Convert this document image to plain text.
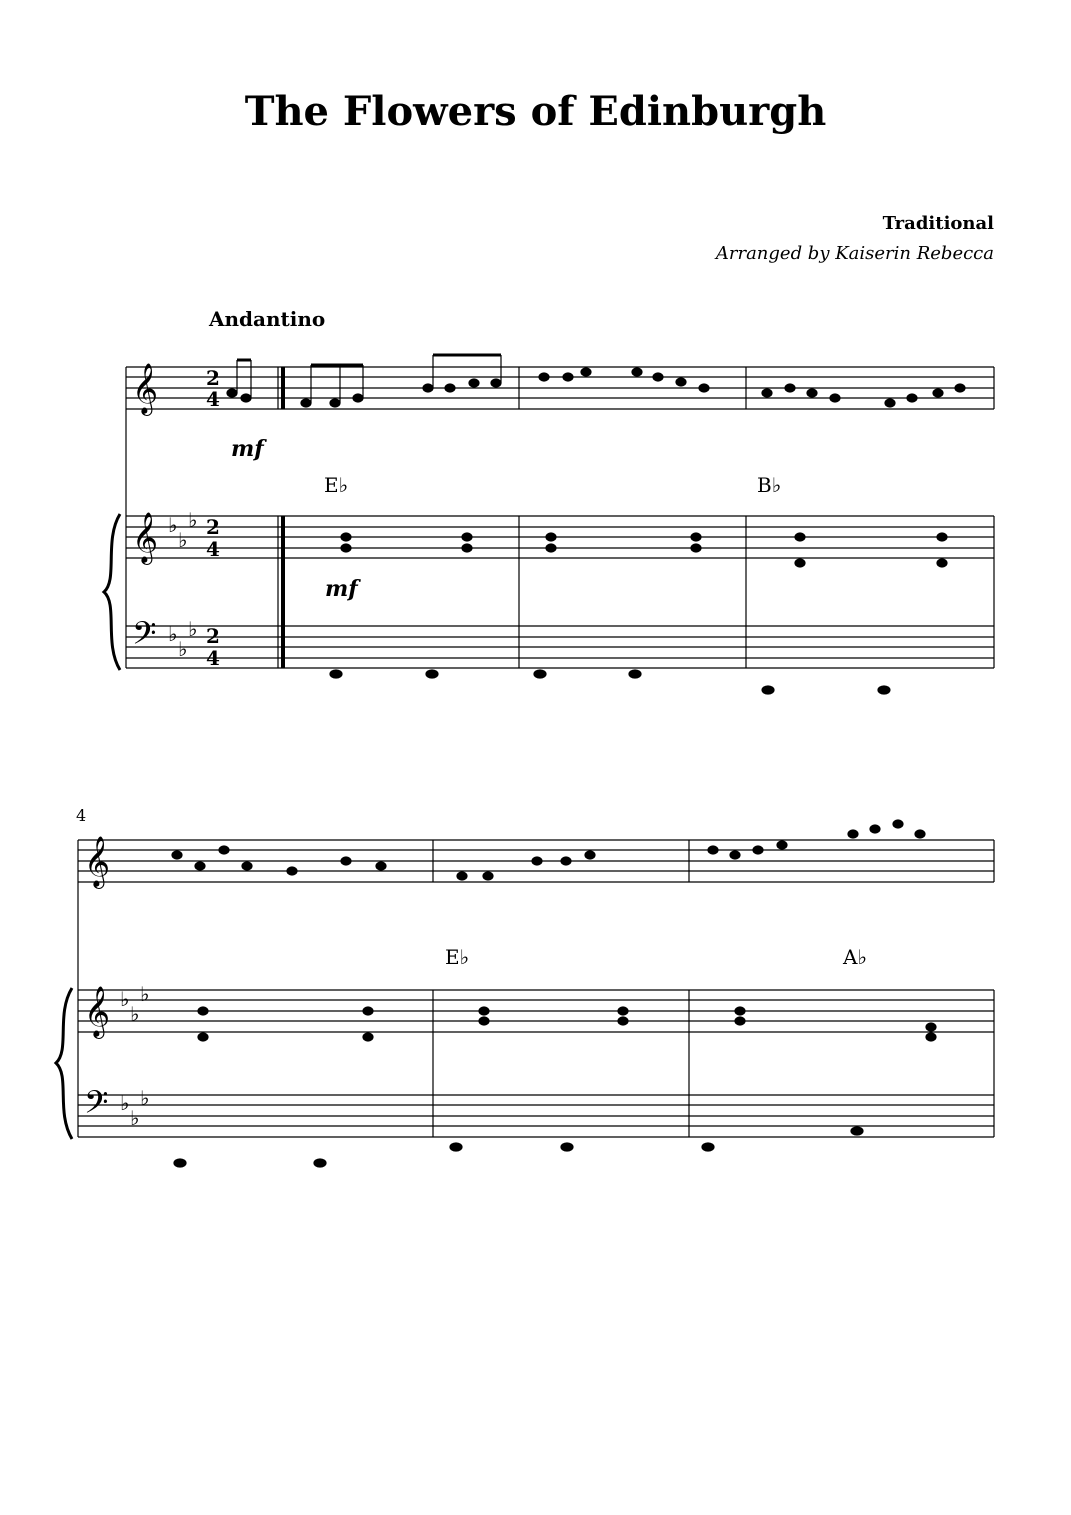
The Flowers of Edinburgh
Traditional
Arranged by Kaiserin Rebecca
Andantino
𝄞
𝄞
𝄢
𝄞
𝄞
𝄢
♭
♭
♭
♭
♭
♭
♭
♭
♭
♭
♭
♭
2
4
2
4
2
4
E♭	B♭
E♭	A♭
4
mf
mf
